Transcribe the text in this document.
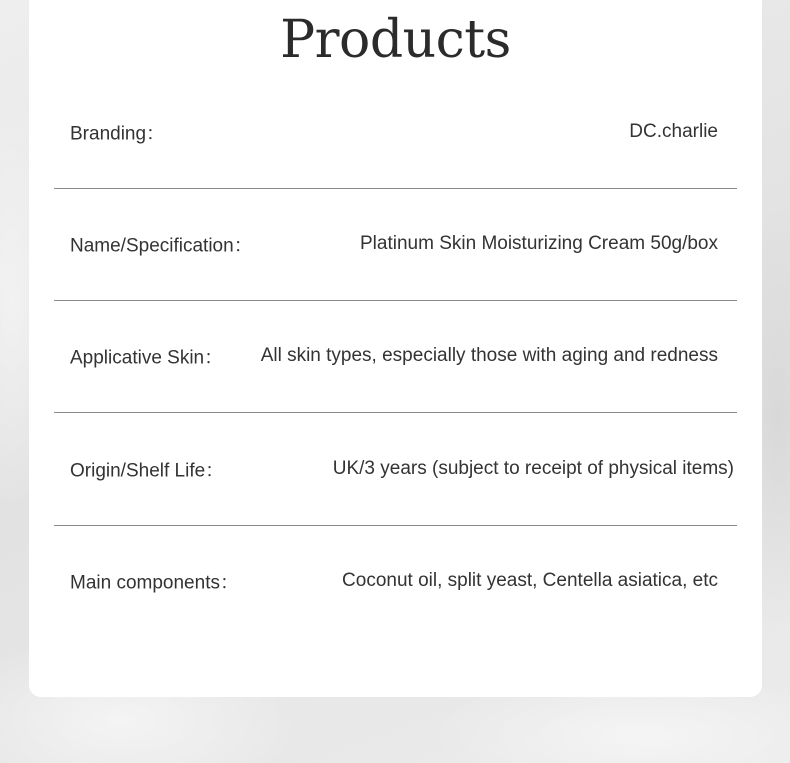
Products
Branding：	DC.charlie
Name/Specification：	Platinum Skin Moisturizing Cream 50g/box
Applicative Skin： All skin types, especially those with aging and redness
Origin/Shelf Life：	UK/3 years (subject to receipt of physical items)
Main components：	Coconut oil, split yeast, Centella asiatica, etc
